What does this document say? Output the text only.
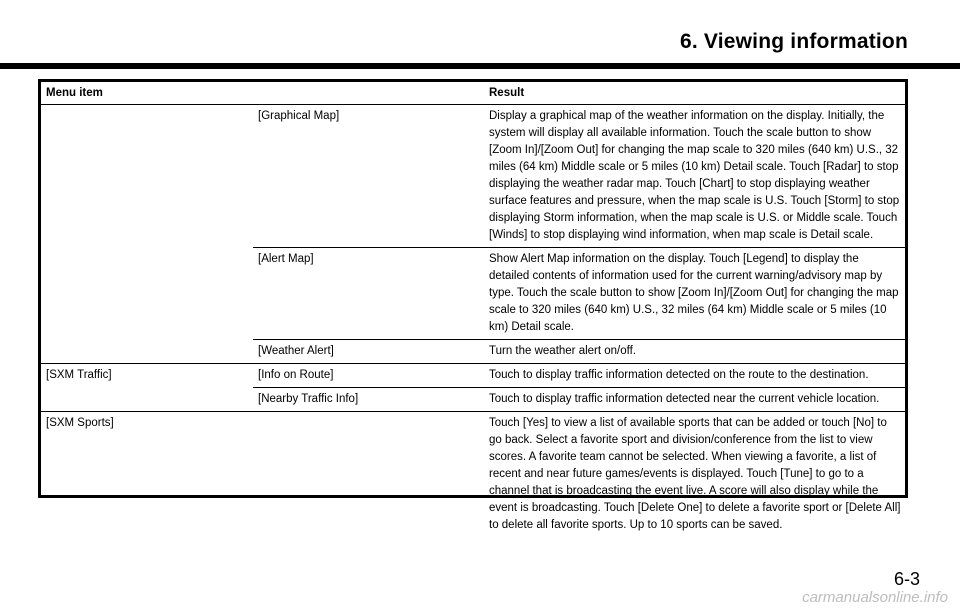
6. Viewing information
Menu item		Result
	[Graphical Map]	Display a graphical map of the weather information on the display. Initially, the system will display all available information. Touch the scale button to show [Zoom In]/[Zoom Out] for changing the map scale to 320 miles (640 km) U.S., 32 miles (64 km) Middle scale or 5 miles (10 km) Detail scale. Touch [Radar] to stop displaying the weather radar map. Touch [Chart] to stop displaying weather surface features and pressure, when the map scale is U.S. Touch [Storm] to stop displaying Storm information, when the map scale is U.S. or Middle scale. Touch [Winds] to stop displaying wind information, when map scale is Detail scale.
	[Alert Map]	Show Alert Map information on the display. Touch [Legend] to display the detailed contents of information used for the current warning/advisory map by type. Touch the scale button to show [Zoom In]/[Zoom Out] for changing the map scale to 320 miles (640 km) U.S., 32 miles (64 km) Middle scale or 5 miles (10 km) Detail scale.
	[Weather Alert]	Turn the weather alert on/off.
[SXM Traffic]	[Info on Route]	Touch to display traffic information detected on the route to the destination.
	[Nearby Traffic Info]	Touch to display traffic information detected near the current vehicle location.
[SXM Sports]		Touch [Yes] to view a list of available sports that can be added or touch [No] to go back. Select a favorite sport and division/conference from the list to view scores. A favorite team cannot be selected. When viewing a favorite, a list of recent and near future games/events is displayed. Touch [Tune] to go to a channel that is broadcasting the event live. A score will also display while the event is broadcasting. Touch [Delete One] to delete a favorite sport or [Delete All] to delete all favorite sports. Up to 10 sports can be saved.
6-3
carmanualsonline.info
